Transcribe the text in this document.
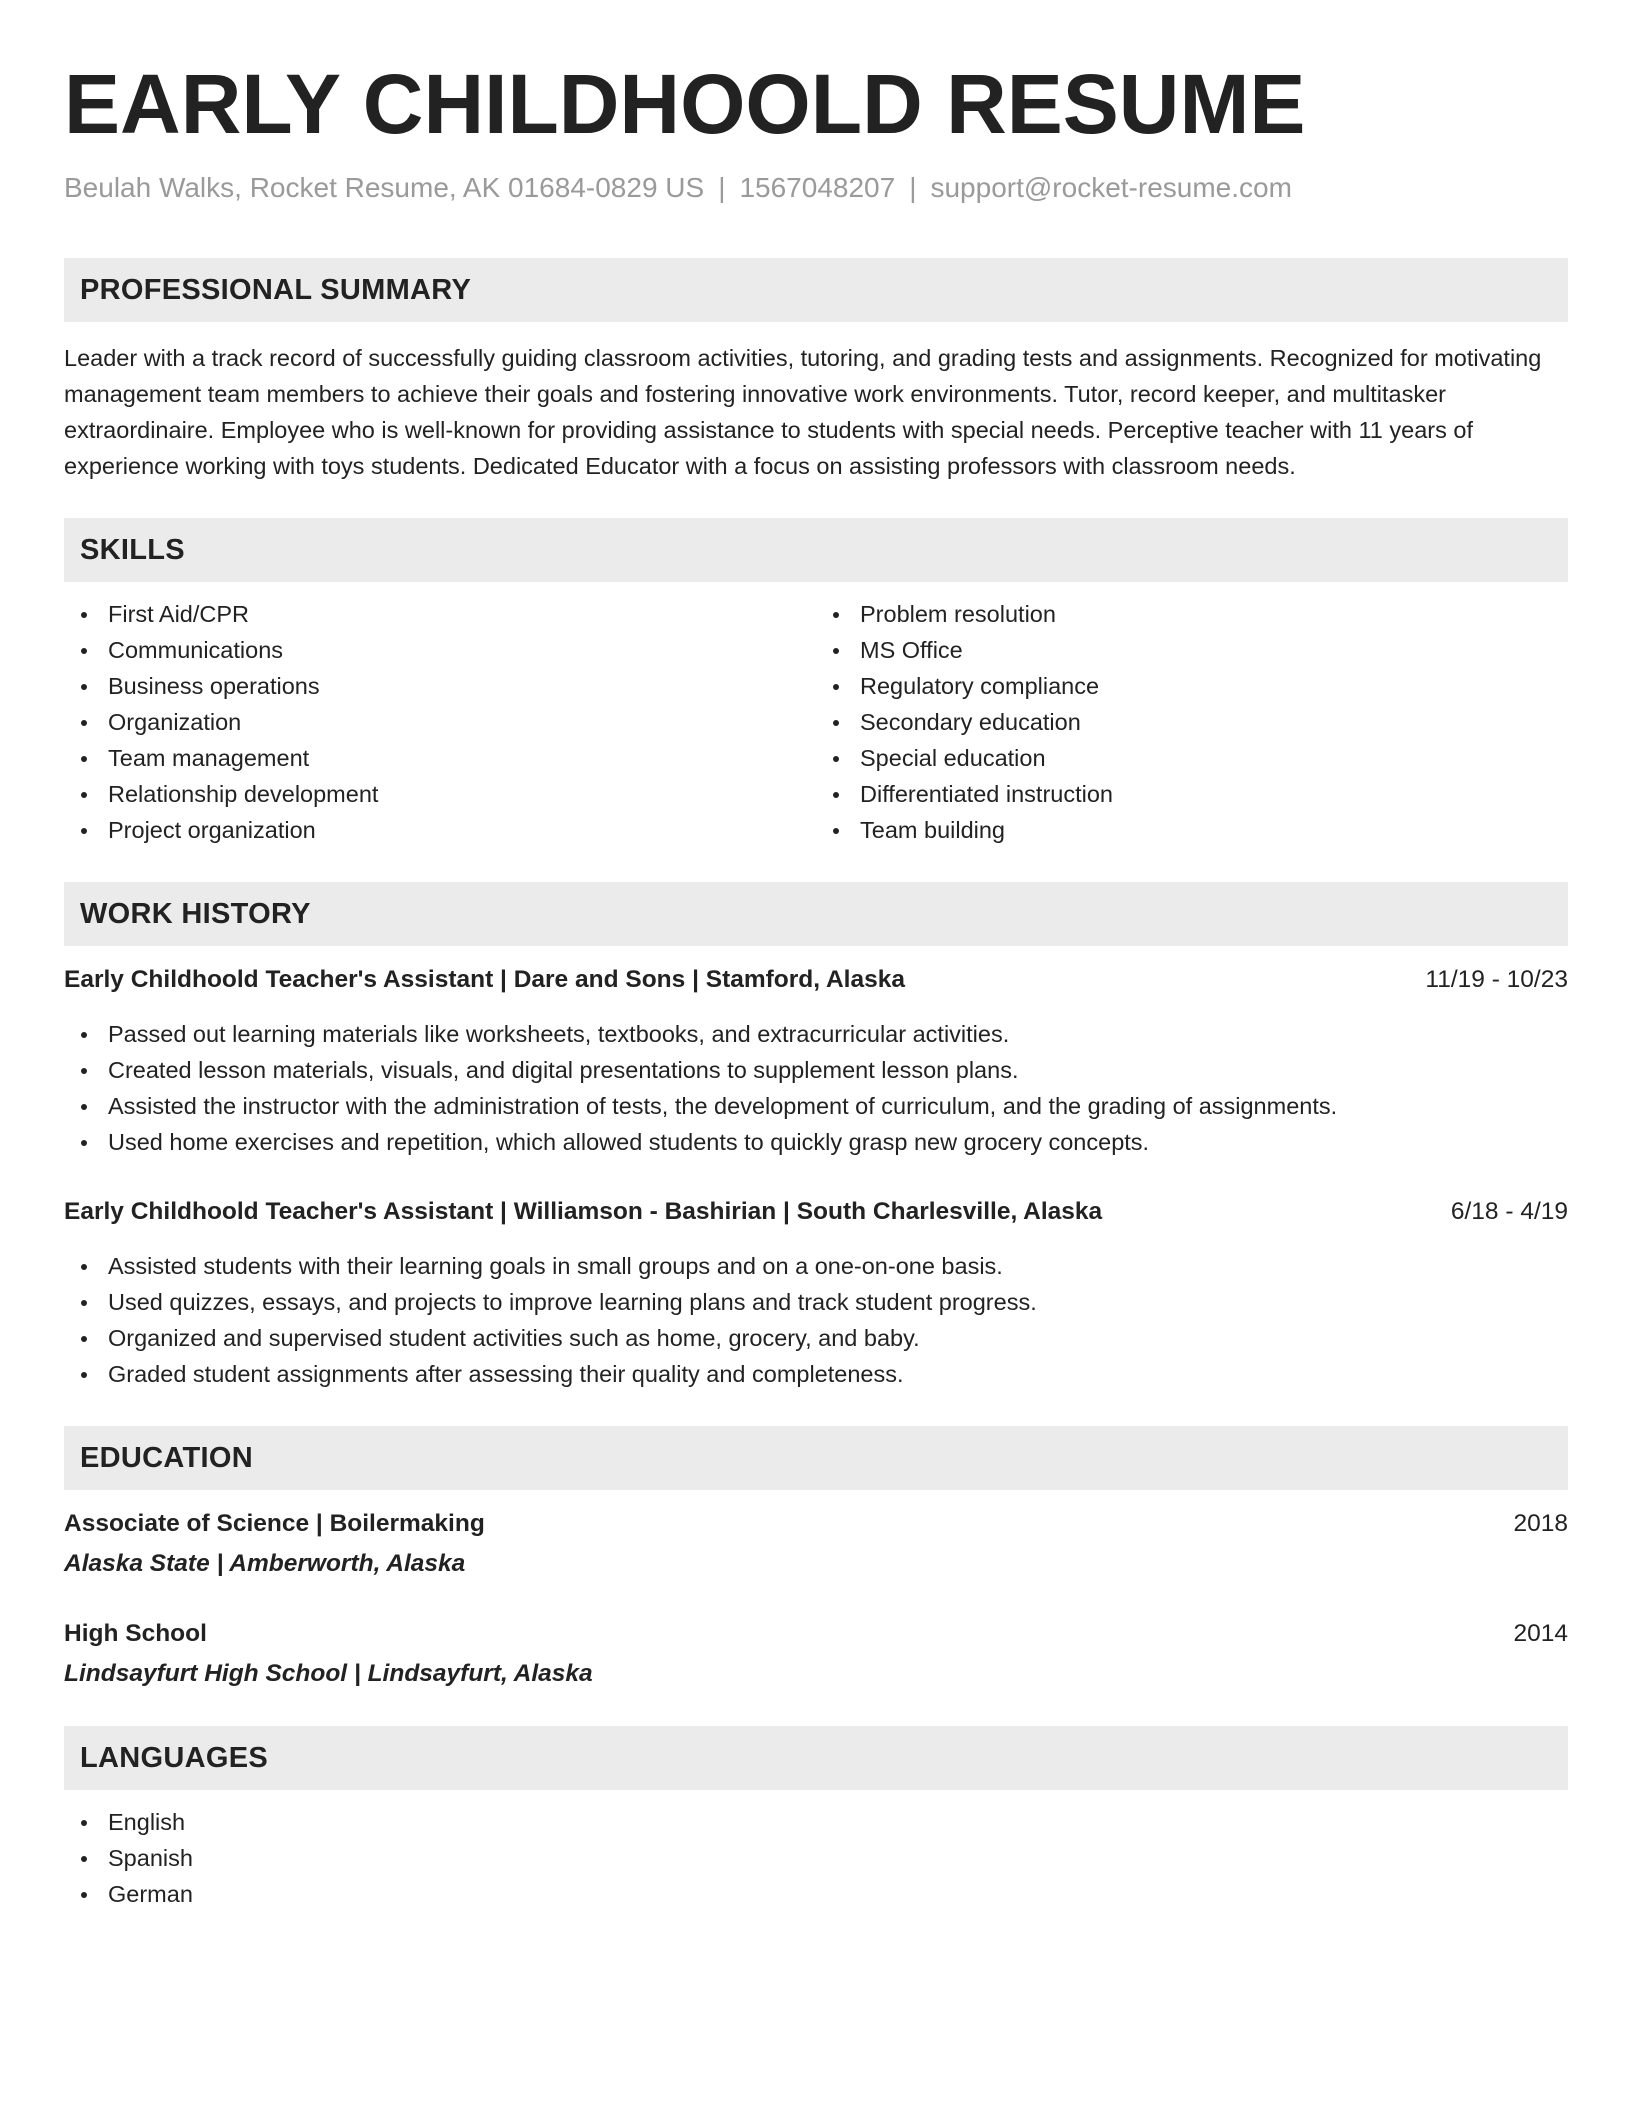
EARLY CHILDHOOLD RESUME
Beulah Walks, Rocket Resume, AK 01684-0829 US | 1567048207 | support@rocket-resume.com
PROFESSIONAL SUMMARY

Leader with a track record of successfully guiding classroom activities, tutoring, and grading tests and assignments. Recognized for motivating management team members to achieve their goals and fostering innovative work environments. Tutor, record keeper, and multitasker extraordinaire. Employee who is well-known for providing assistance to students with special needs. Perceptive teacher with 11 years of experience working with toys students. Dedicated Educator with a focus on assisting professors with classroom needs.

SKILLS
First Aid/CPR
Communications
Business operations
Organization
Team management
Relationship development
Project organization
Problem resolution
MS Office
Regulatory compliance
Secondary education
Special education
Differentiated instruction
Team building
WORK HISTORY
Early Childhoold Teacher's Assistant | Dare and Sons | Stamford, Alaska	11/19 - 10/23
Passed out learning materials like worksheets, textbooks, and extracurricular activities.
Created lesson materials, visuals, and digital presentations to supplement lesson plans.
Assisted the instructor with the administration of tests, the development of curriculum, and the grading of assignments.
Used home exercises and repetition, which allowed students to quickly grasp new grocery concepts.
Early Childhoold Teacher's Assistant | Williamson - Bashirian | South Charlesville, Alaska	6/18 - 4/19
Assisted students with their learning goals in small groups and on a one-on-one basis.
Used quizzes, essays, and projects to improve learning plans and track student progress.
Organized and supervised student activities such as home, grocery, and baby.
Graded student assignments after assessing their quality and completeness.
EDUCATION
Associate of Science | Boilermaking	2018
Alaska State | Amberworth, Alaska
High School	2014
Lindsayfurt High School | Lindsayfurt, Alaska
LANGUAGES
English
Spanish
German
